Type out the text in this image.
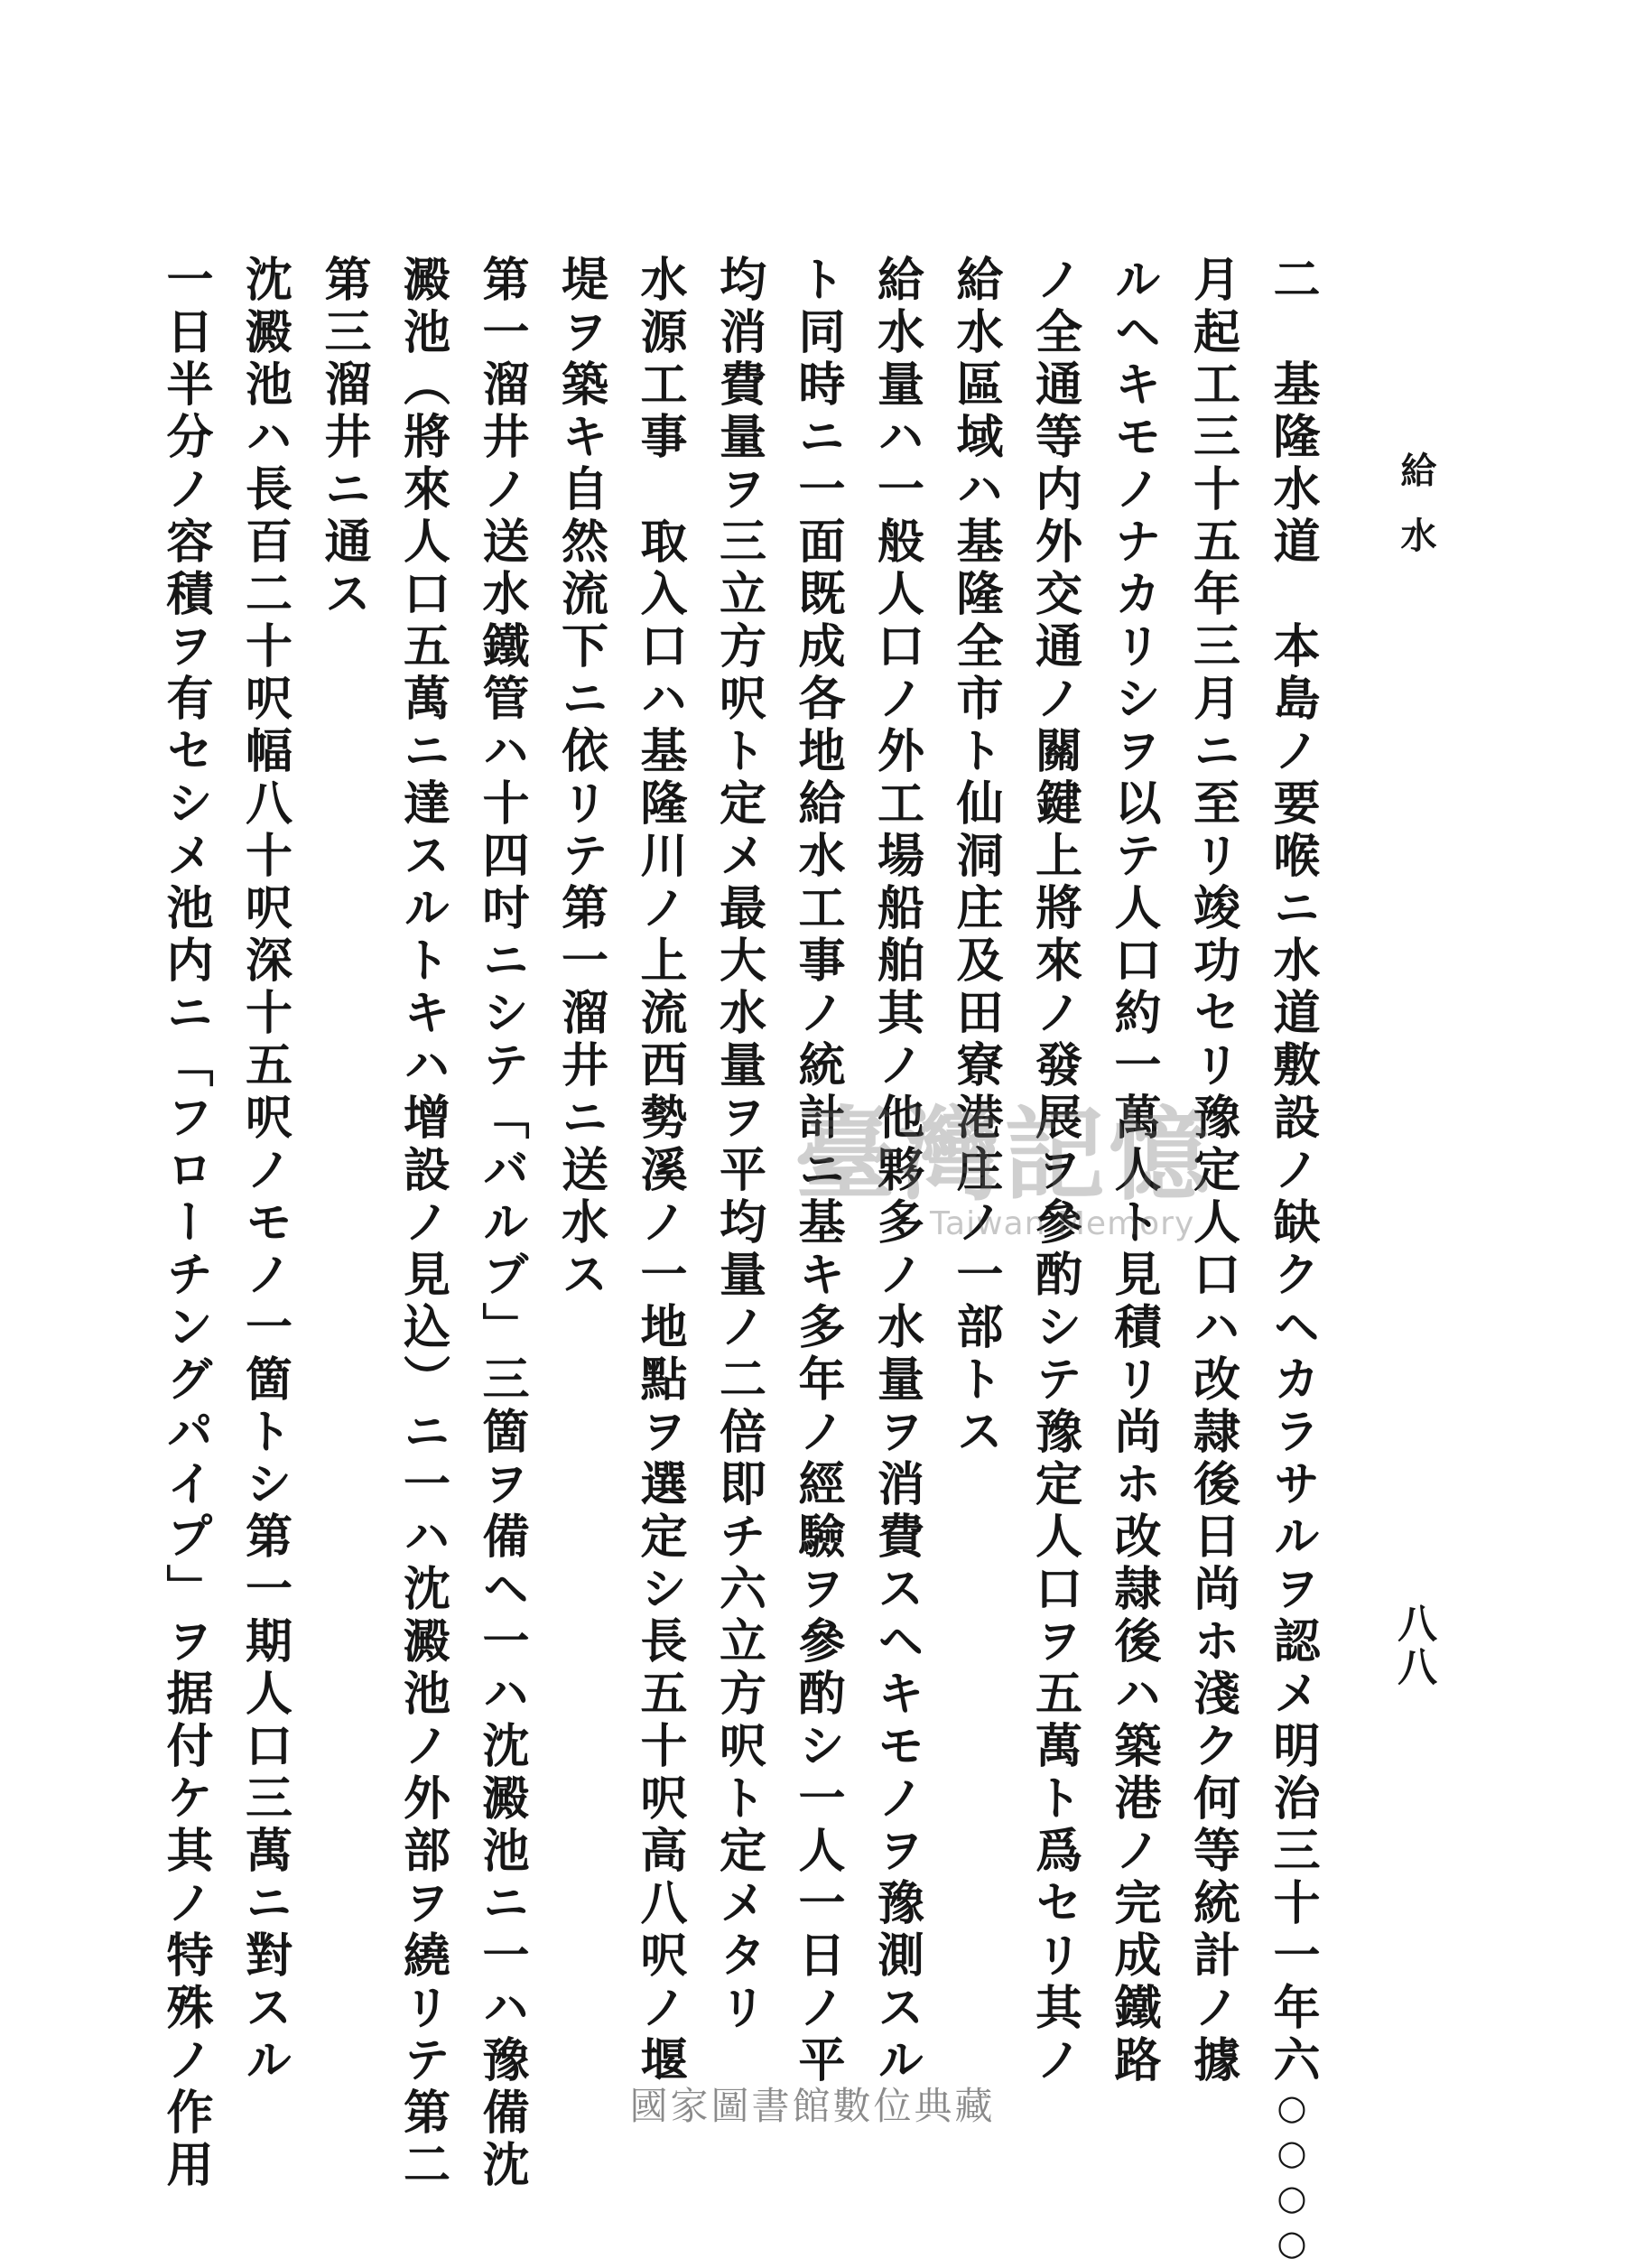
給水
八八
二　基隆水道　本島ノ要喉ニ水道敷設ノ缺クヘカラサルヲ認メ明治三十一年六○○○○
月起工三十五年三月ニ至リ竣功セリ豫定人口ハ改隷後日尚ホ淺ク何等統計ノ據
ルヘキモノナカリシヲ以テ人口約一萬人ト見積リ尚ホ改隷後ハ築港ノ完成鐵路
ノ全通等内外交通ノ關鍵上將來ノ發展ヲ參酌シテ豫定人口ヲ五萬ト爲セリ其ノ
給水區域ハ基隆全市ト仙洞庄及田寮港庄ノ一部トス
給水量ハ一般人口ノ外工場船舶其ノ他夥多ノ水量ヲ消費スヘキモノヲ豫測スル
ト同時ニ一面既成各地給水工事ノ統計ニ基キ多年ノ經驗ヲ參酌シ一人一日ノ平
均消費量ヲ三立方呎ト定メ最大水量ヲ平均量ノ二倍即チ六立方呎ト定メタリ
水源工事　取入口ハ基隆川ノ上流西勢溪ノ一地點ヲ選定シ長五十呎高八呎ノ堰
堤ヲ築キ自然流下ニ依リテ第一溜井ニ送水ス
第一溜井ノ送水鐵管ハ十四吋ニシテ「バルブ」三箇ヲ備ヘ一ハ沈澱池ニ一ハ豫備沈
澱池（將來人口五萬ニ達スルトキハ增設ノ見込）ニ一ハ沈澱池ノ外部ヲ繞リテ第二
第三溜井ニ通ス
沈澱池ハ長百二十呎幅八十呎深十五呎ノモノ一箇トシ第一期人口三萬ニ對スル
一日半分ノ容積ヲ有セシメ池内ニ「フローチングパイプ」ヲ据付ケ其ノ特殊ノ作用	臺灣記憶
Taiwan Memory
國家圖書館數位典藏
